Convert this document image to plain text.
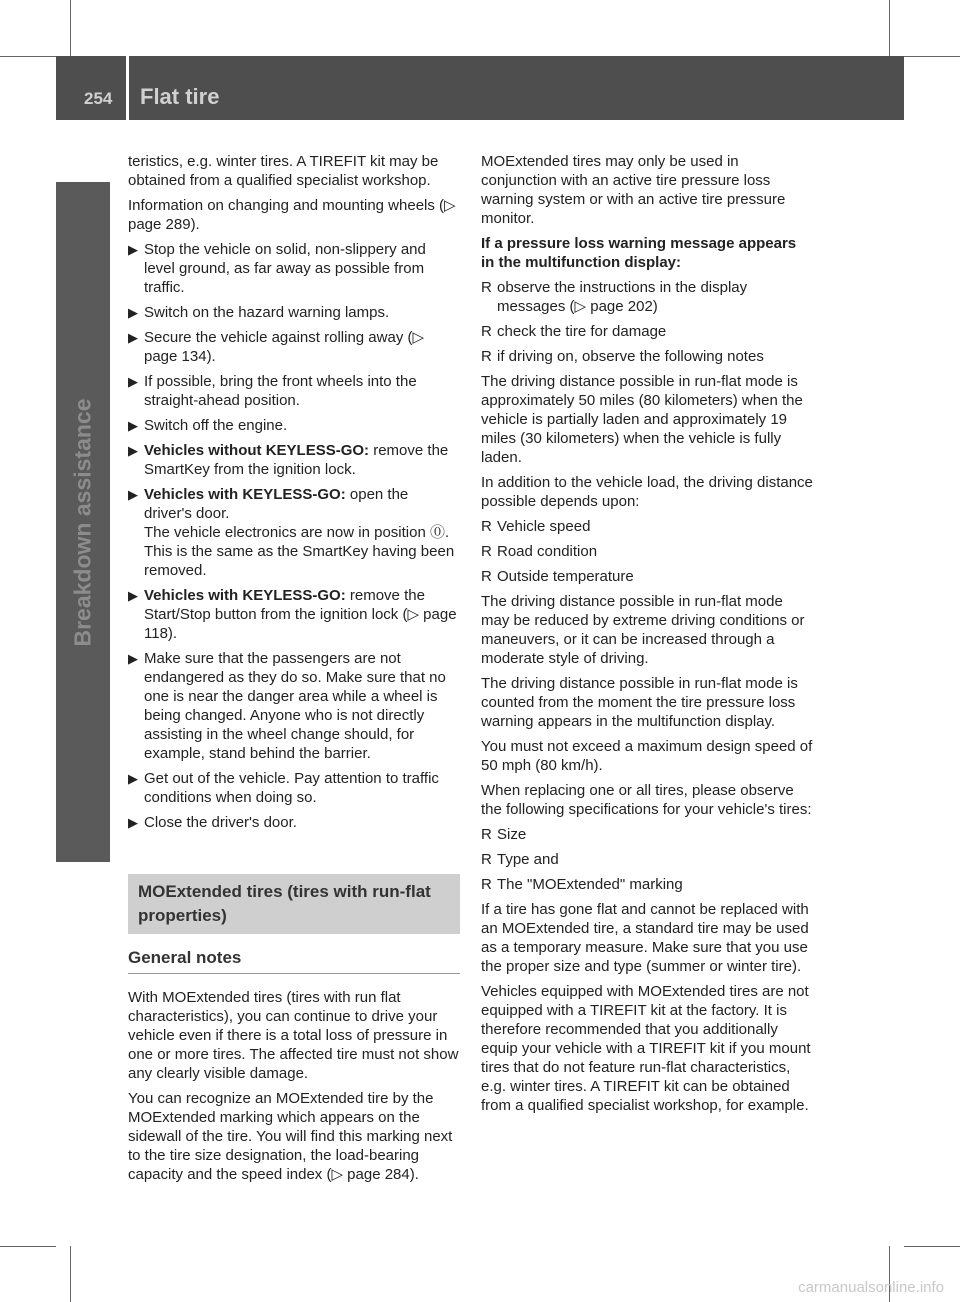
254 Flat tire
Breakdown assistance

teristics, e.g. winter tires. A TIREFIT kit may be obtained from a qualified specialist workshop.

Information on changing and mounting wheels (▷ page 289).

▶ Stop the vehicle on solid, non-slippery and level ground, as far away as possible from traffic.
▶ Switch on the hazard warning lamps.
▶ Secure the vehicle against rolling away (▷ page 134).
▶ If possible, bring the front wheels into the straight-ahead position.
▶ Switch off the engine.
▶ Vehicles without KEYLESS-GO: remove the SmartKey from the ignition lock.
▶ Vehicles with KEYLESS-GO: open the driver's door.
The vehicle electronics are now in position ⓪. This is the same as the SmartKey having been removed.
▶ Vehicles with KEYLESS-GO: remove the Start/Stop button from the ignition lock (▷ page 118).
▶ Make sure that the passengers are not endangered as they do so. Make sure that no one is near the danger area while a wheel is being changed. Anyone who is not directly assisting in the wheel change should, for example, stand behind the barrier.
▶ Get out of the vehicle. Pay attention to traffic conditions when doing so.
▶ Close the driver's door.
MOExtended tires (tires with run-flat properties)
General notes

With MOExtended tires (tires with run flat characteristics), you can continue to drive your vehicle even if there is a total loss of pressure in one or more tires. The affected tire must not show any clearly visible damage.

You can recognize an MOExtended tire by the MOExtended marking which appears on the sidewall of the tire. You will find this marking next to the tire size designation, the load-bearing capacity and the speed index (▷ page 284).

MOExtended tires may only be used in conjunction with an active tire pressure loss warning system or with an active tire pressure monitor.

If a pressure loss warning message appears in the multifunction display:

R observe the instructions in the display messages (▷ page 202)
R check the tire for damage
R if driving on, observe the following notes

The driving distance possible in run-flat mode is approximately 50 miles (80 kilometers) when the vehicle is partially laden and approximately 19 miles (30 kilometers) when the vehicle is fully laden.

In addition to the vehicle load, the driving distance possible depends upon:

R Vehicle speed
R Road condition
R Outside temperature

The driving distance possible in run-flat mode may be reduced by extreme driving conditions or maneuvers, or it can be increased through a moderate style of driving.

The driving distance possible in run-flat mode is counted from the moment the tire pressure loss warning appears in the multifunction display.

You must not exceed a maximum design speed of 50 mph (80 km/h).

When replacing one or all tires, please observe the following specifications for your vehicle's tires:

R Size
R Type and
R The "MOExtended" marking

If a tire has gone flat and cannot be replaced with an MOExtended tire, a standard tire may be used as a temporary measure. Make sure that you use the proper size and type (summer or winter tire).

Vehicles equipped with MOExtended tires are not equipped with a TIREFIT kit at the factory. It is therefore recommended that you additionally equip your vehicle with a TIREFIT kit if you mount tires that do not feature run-flat characteristics, e.g. winter tires. A TIREFIT kit can be obtained from a qualified specialist workshop, for example.

carmanualsonline.info
